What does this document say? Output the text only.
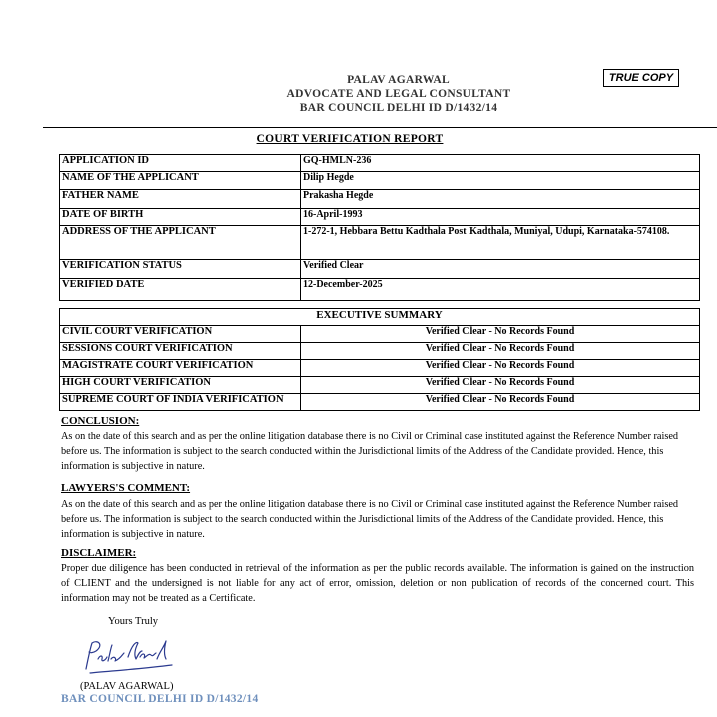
PALAV AGARWAL
ADVOCATE AND LEGAL CONSULTANT
BAR COUNCIL DELHI ID D/1432/14
TRUE COPY
COURT VERIFICATION REPORT
APPLICATION ID	GQ-HMLN-236
NAME OF THE APPLICANT	Dilip Hegde
FATHER NAME	Prakasha Hegde
DATE OF BIRTH	16-April-1993
ADDRESS OF THE APPLICANT	1-272-1, Hebbara Bettu Kadthala Post Kadthala, Muniyal, Udupi, Karnataka-574108.
VERIFICATION STATUS	Verified Clear
VERIFIED DATE	12-December-2025
EXECUTIVE SUMMARY	
CIVIL COURT VERIFICATION	Verified Clear - No Records Found
SESSIONS COURT VERIFICATION	Verified Clear - No Records Found
MAGISTRATE COURT VERIFICATION	Verified Clear - No Records Found
HIGH COURT VERIFICATION	Verified Clear - No Records Found
SUPREME COURT OF INDIA VERIFICATION	Verified Clear - No Records Found
CONCLUSION:
As on the date of this search and as per the online litigation database there is no Civil or Criminal case instituted against the Reference Number raised before us. The information is subject to the search conducted within the Jurisdictional limits of the Address of the Candidate provided. Hence, this information is subjective in nature.
LAWYERS'S COMMENT:
As on the date of this search and as per the online litigation database there is no Civil or Criminal case instituted against the Reference Number raised before us. The information is subject to the search conducted within the Jurisdictional limits of the Address of the Candidate provided. Hence, this information is subjective in nature.
DISCLAIMER:
Proper due diligence has been conducted in retrieval of the information as per the public records available. The information is gained on the instruction of CLIENT and the undersigned is not liable for any act of error, omission, deletion or non publication of records of the concerned court. This information may not be treated as a Certificate.
Yours Truly
(PALAV AGARWAL)
BAR COUNCIL DELHI ID D/1432/14
